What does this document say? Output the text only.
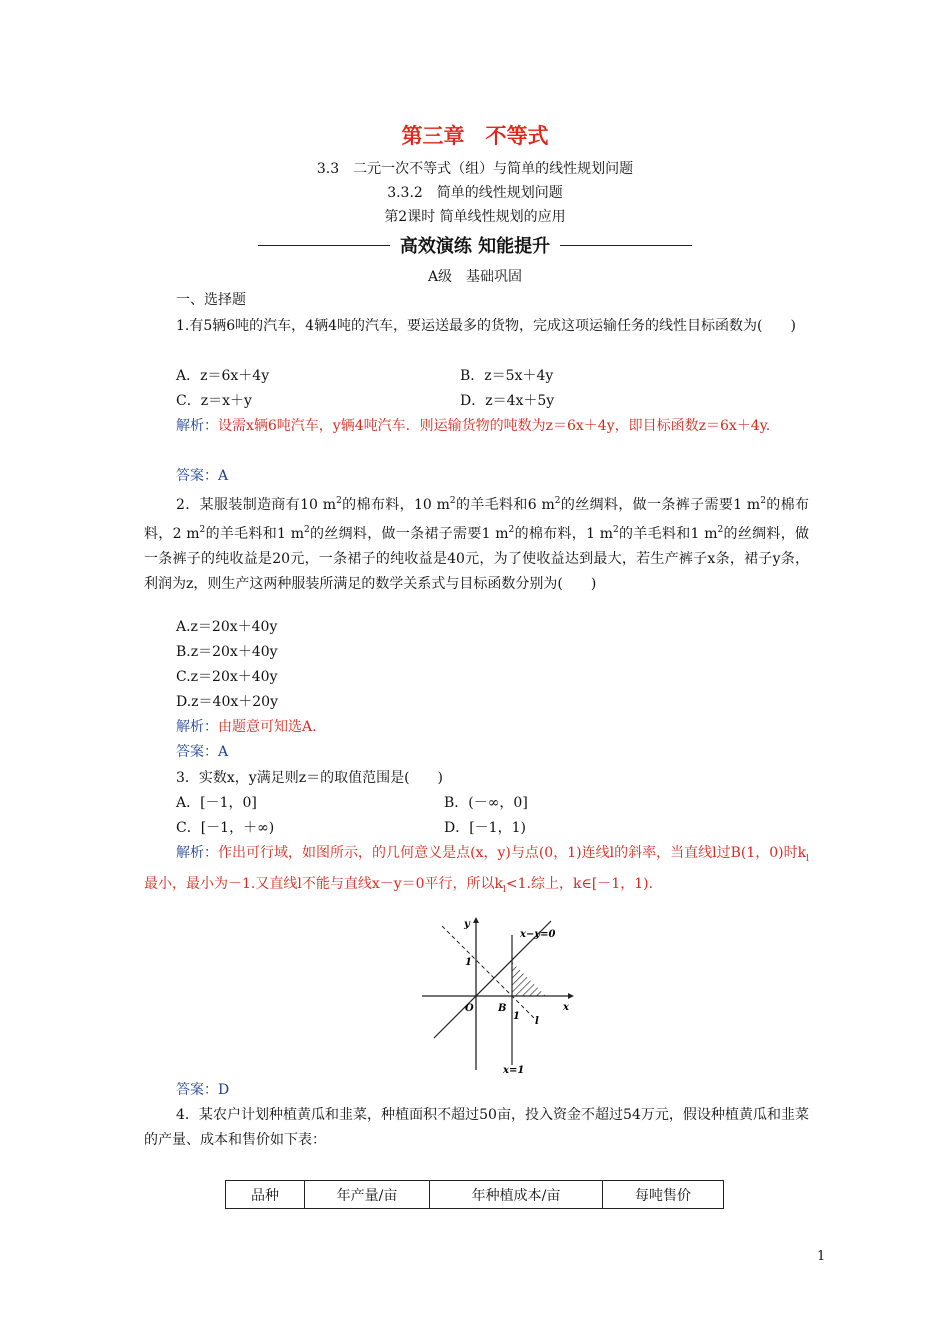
第三章　不等式
3.3　二元一次不等式（组）与简单的线性规划问题
3.3.2　简单的线性规划问题
第2课时 简单线性规划的应用
高效演练 知能提升
A级　基础巩固
一、选择题
1.有5辆6吨的汽车，4辆4吨的汽车，要运送最多的货物，完成这项运输任务的线性目标函数为(　　)
A．z＝6x＋4y	B．z＝5x＋4y
C．z＝x＋y	D．z＝4x＋5y
解析：设需x辆6吨汽车，y辆4吨汽车．则运输货物的吨数为z＝6x＋4y，即目标函数z＝6x＋4y.
答案：A
2．某服装制造商有10 $m^2$的棉布料，10 $m^2$的羊毛料和6 $m^2$的丝绸料，做一条裤子需要1 $m^2$的棉布料，2 $m^2$的羊毛料和1 $m^2$的丝绸料，做一条裙子需要1 $m^2$的棉布料，1 $m^2$的羊毛料和1 $m^2$的丝绸料，做一条裤子的纯收益是20元，一条裙子的纯收益是40元，为了使收益达到最大，若生产裤子x条，裙子y条，利润为z，则生产这两种服装所满足的数学关系式与目标函数分别为(　　)
A.z＝20x＋40y
B.z＝20x＋40y
C.z＝20x＋40y
D.z＝40x＋20y
解析：由题意可知选A.
答案：A
3．实数x，y满足则z＝的取值范围是(　　)
A．[－1，0]	B．(－∞，0]
C．[－1，＋∞)	D．[－1，1)
解析：作出可行域，如图所示，的几何意义是点(x，y)与点(0，1)连线l的斜率，当直线l过B(1，0)时$k_l$最小，最小为－1.又直线l不能与直线x－y＝0平行，所以$k_l<1$.综上，k∈[－1，1)．
y
x
1
O B
1 l
x−y=0
x=1
答案：D
4．某农户计划种植黄瓜和韭菜，种植面积不超过50亩，投入资金不超过54万元，假设种植黄瓜和韭菜的产量、成本和售价如下表：
品种	年产量/亩	年种植成本/亩	每吨售价
1
